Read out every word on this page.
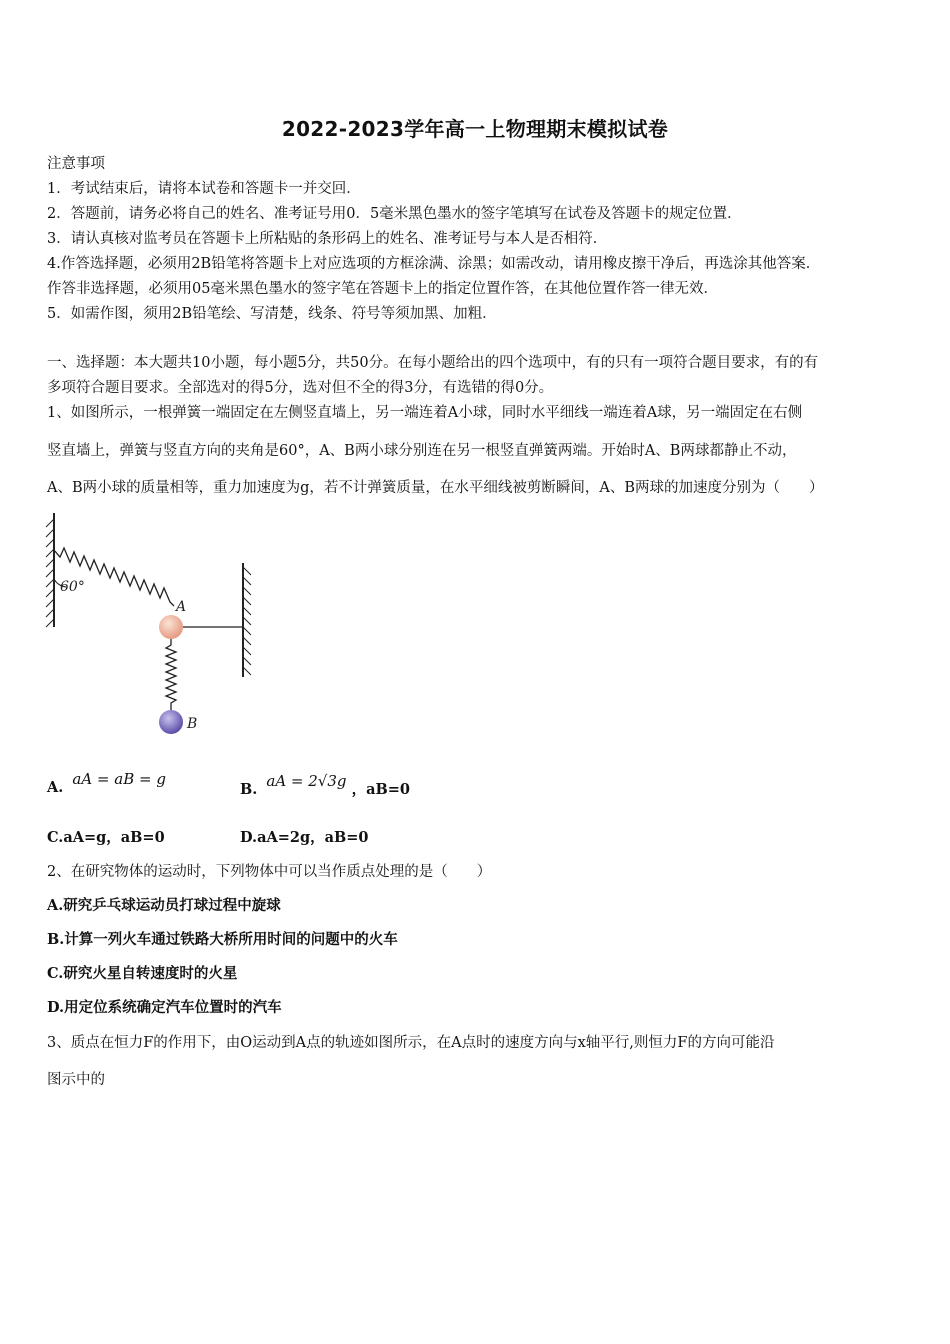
2022-2023学年高一上物理期末模拟试卷
注意事项
1．考试结束后，请将本试卷和答题卡一并交回．
2．答题前，请务必将自己的姓名、准考证号用0．5毫米黑色墨水的签字笔填写在试卷及答题卡的规定位置．
3．请认真核对监考员在答题卡上所粘贴的条形码上的姓名、准考证号与本人是否相符．
4.作答选择题，必须用2B铅笔将答题卡上对应选项的方框涂满、涂黑；如需改动，请用橡皮擦干净后，再选涂其他答案．
作答非选择题，必须用05毫米黑色墨水的签字笔在答题卡上的指定位置作答，在其他位置作答一律无效．
5．如需作图，须用2B铅笔绘、写清楚，线条、符号等须加黑、加粗．
一、选择题：本大题共10小题，每小题5分，共50分。在每小题给出的四个选项中，有的只有一项符合题目要求，有的有
多项符合题目要求。全部选对的得5分，选对但不全的得3分，有选错的得0分。
1、如图所示，一根弹簧一端固定在左侧竖直墙上，另一端连着A小球，同时水平细线一端连着A球，另一端固定在右侧
竖直墙上，弹簧与竖直方向的夹角是60°，A、B两小球分别连在另一根竖直弹簧两端。开始时A、B两球都静止不动，
A、B两小球的质量相等，重力加速度为g，若不计弹簧质量，在水平细线被剪断瞬间，A、B两球的加速度分别为（　　）
60°
A
B
A. aA = aB = g
B. aA = 2√3g ，aB=0
C.aA=g，aB=0	D.aA=2g，aB=0
2、在研究物体的运动时，下列物体中可以当作质点处理的是（　　）
A.研究乒乓球运动员打球过程中旋球
B.计算一列火车通过铁路大桥所用时间的问题中的火车
C.研究火星自转速度时的火星
D.用定位系统确定汽车位置时的汽车
3、质点在恒力F的作用下，由O运动到A点的轨迹如图所示，在A点时的速度方向与x轴平行,则恒力F的方向可能沿
图示中的
